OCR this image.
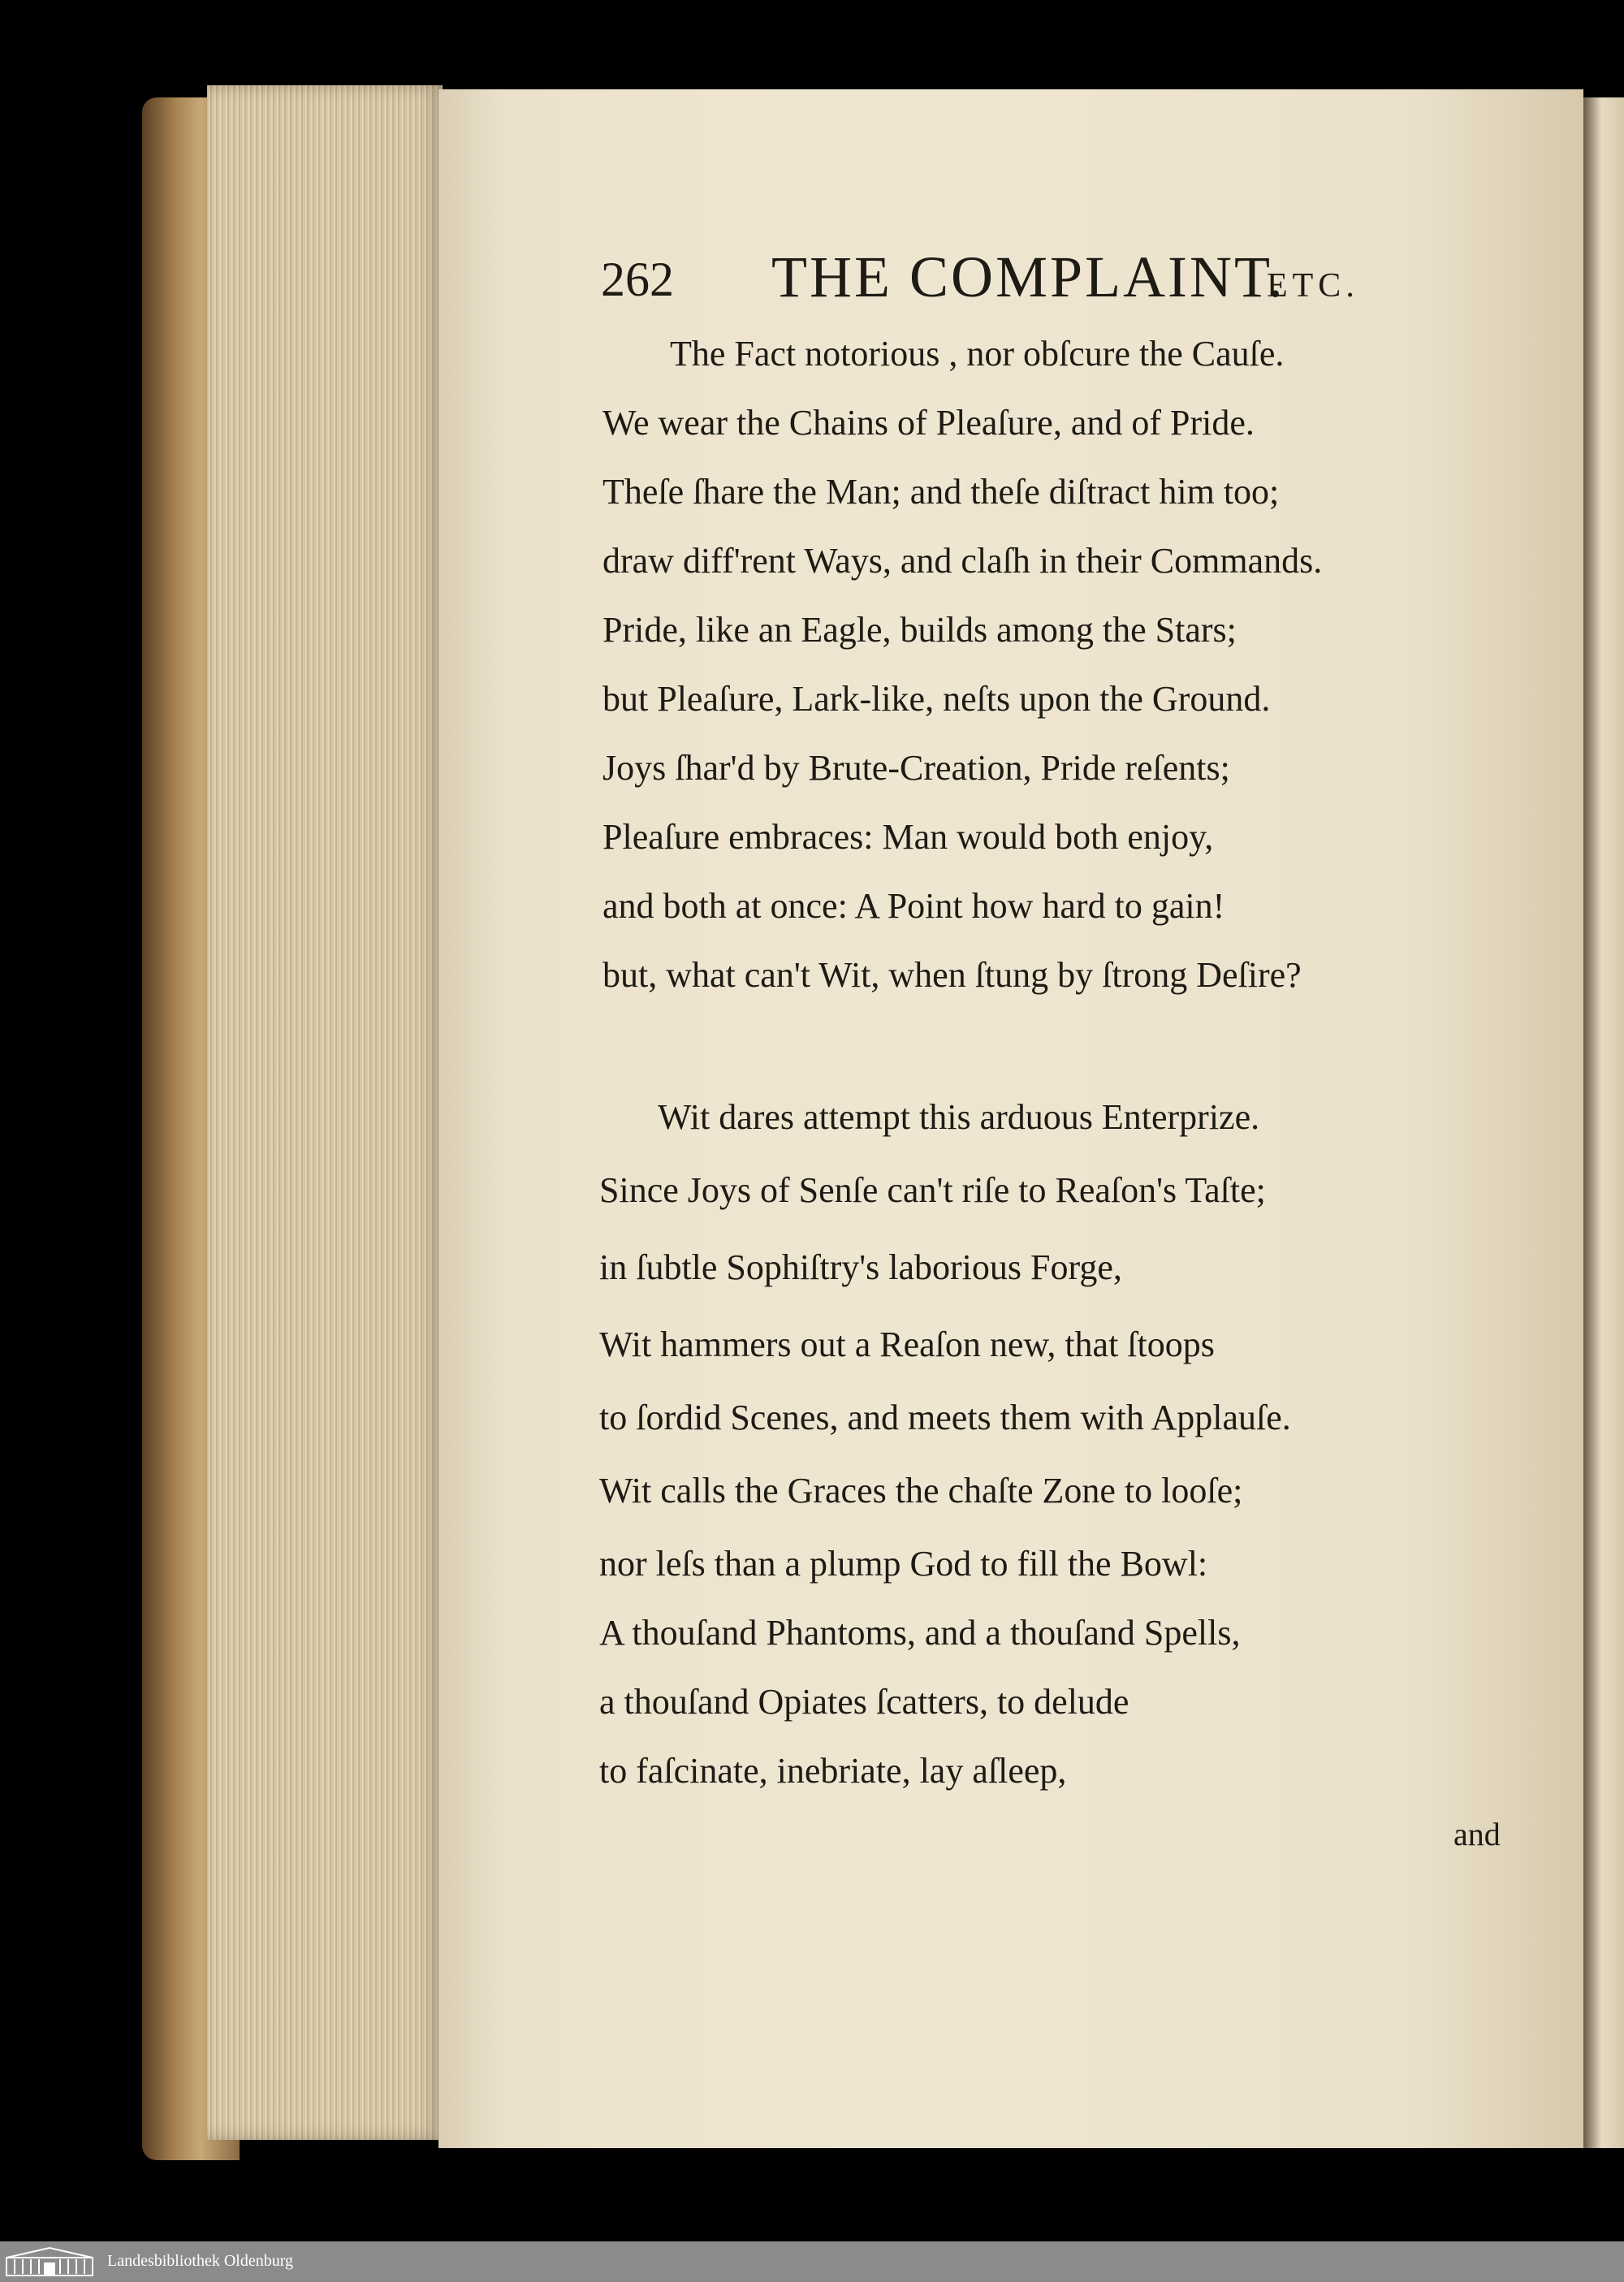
262 THE COMPLAINT.
ETC.
The Fact notorious , nor obſcure the Cauſe.
We wear the Chains of Pleaſure, and of Pride.
Theſe ſhare the Man; and theſe diſtract him too;
draw diff'rent Ways, and claſh in their Commands.
Pride, like an Eagle, builds among the Stars;
but Pleaſure, Lark-like, neſts upon the Ground.
Joys ſhar'd by Brute-Creation, Pride reſents;
Pleaſure embraces: Man would both enjoy,
and both at once: A Point how hard to gain!
but, what can't Wit, when ſtung by ſtrong Deſire?
Wit dares attempt this arduous Enterprize.
Since Joys of Senſe can't riſe to Reaſon's Taſte;
in ſubtle Sophiſtry's laborious Forge,
Wit hammers out a Reaſon new, that ſtoops
to ſordid Scenes, and meets them with Applauſe.
Wit calls the Graces the chaſte Zone to looſe;
nor leſs than a plump God to fill the Bowl:
A thouſand Phantoms, and a thouſand Spells,
a thouſand Opiates ſcatters, to delude
to faſcinate, inebriate, lay aſleep,
and
Landesbibliothek Oldenburg
